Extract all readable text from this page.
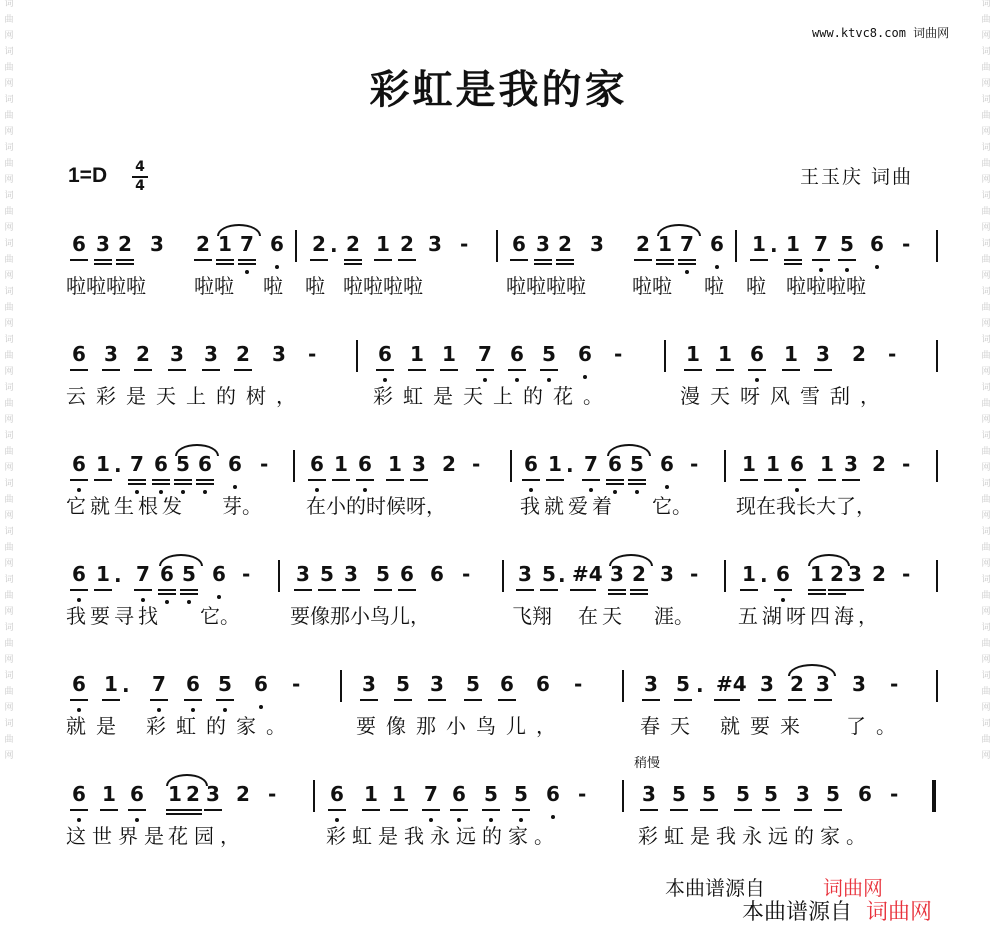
词
曲
网
词
曲
网
词
曲
网
词
曲
网
词
曲
网
词
曲
网
词
曲
网
词
曲
网
词
曲
网
词
曲
网
词
曲
网
词
曲
网
词
曲
网
词
曲
网
词
曲
网
词
曲
网
词
曲
网
词
曲
网
词
曲
网
词
曲
网
词
曲
网
词
曲
网
词
曲
网
词
曲
网
词
曲
网
词
曲
网
词
曲
网
词
曲
网
词
曲
网
词
曲
网
词
曲
网
词
曲
网
www.ktvc8.com 词曲网
彩虹是我的家
1=D 4
4	王玉庆 词曲
6 3 2 3 2 1 7 6 2 · 2 1 2 3 - 6 3 2 3 2 1 7 6 1 · 1 7 5 6 -
啦啦啦啦 啦啦 啦 啦 啦啦啦啦	啦啦啦啦 啦啦 啦 啦 啦啦啦啦
6 3 2 3 3 2 3 -	6 1 1 7 6 5 6 -	1 1 6 1 3 2 -
云彩是天上的树，	彩虹是天上的花。	漫天呀风雪刮，
6 1 · 7 6 5 6 6 - 6 1 6 1 3 2 - 6 1 · 7 6 5 6 - 1 1 6 1 3 2 -
它就生根发 芽。 在小的时候呀，	我就爱着 它。 现在我长大了，
6 1 · 7 6 5 6 - 3 5 3 5 6 6 - 3 5 · #4 3 2 3 - 1 · 6 1 2 3 2 -
我要寻找 它。	要像那小鸟儿，	飞翔 在天 涯。 五湖呀四海，
6 1 · 7 6 5 6 -	3 5 3 5 6 6 -	3 5 · #4 3 2 3 3 -
就是 彩虹的家。	要像那小鸟儿，	春天 就要来 了。
6 1 6 1 2 3 2 -	6 1 1 7 6 5 5 6 -	3 5 5 5 5 3 5 6 -
这世界是
花园，	彩虹是我永远的家。	彩虹是我永远的家。
稍慢
本曲谱源自	词曲网
本曲谱源自 词曲网
